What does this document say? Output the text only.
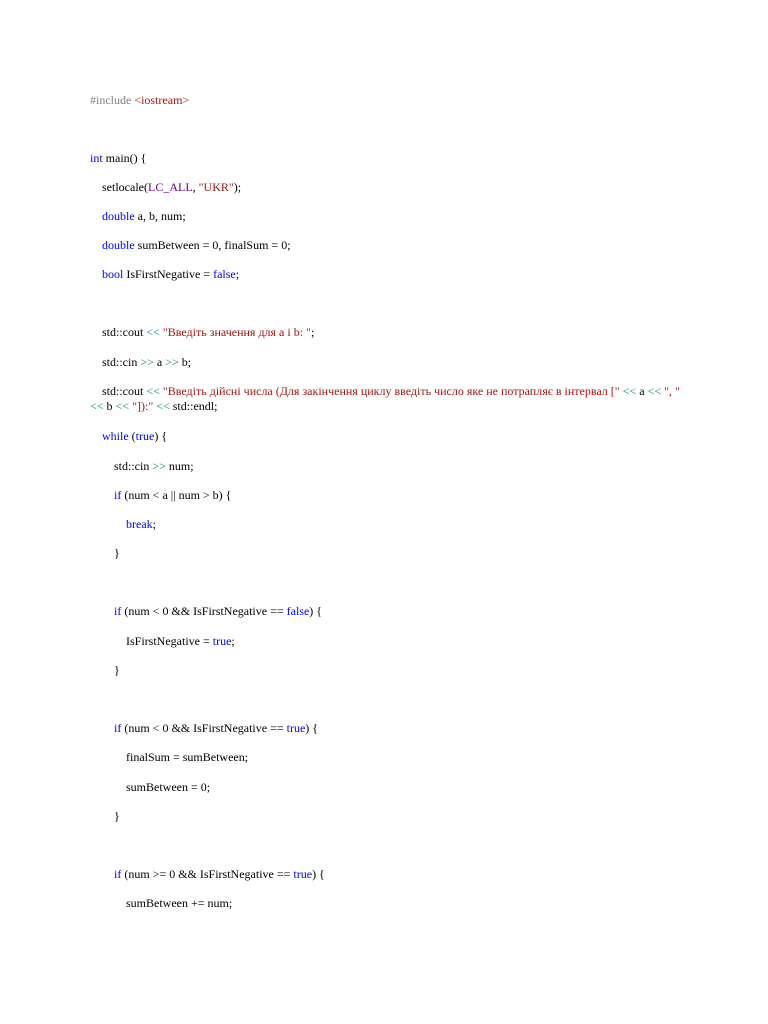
#include <iostream>

int main() {

setlocale(LC_ALL, "UKR");

double a, b, num;

double sumBetween = 0, finalSum = 0;

bool IsFirstNegative = false;

std::cout << "Введіть значення для a і b: ";

std::cin >> a >> b;

std::cout << "Введіть дійсні числа (Для закінчення циклу введіть число яке не потрапляє в інтервал [" << a << ", " << b << "]):" << std::endl;

while (true) {

std::cin >> num;

if (num < a || num > b) {

break;

}

if (num < 0 && IsFirstNegative == false) {

IsFirstNegative = true;

}

if (num < 0 && IsFirstNegative == true) {

finalSum = sumBetween;

sumBetween = 0;

}

if (num >= 0 && IsFirstNegative == true) {

sumBetween += num;
